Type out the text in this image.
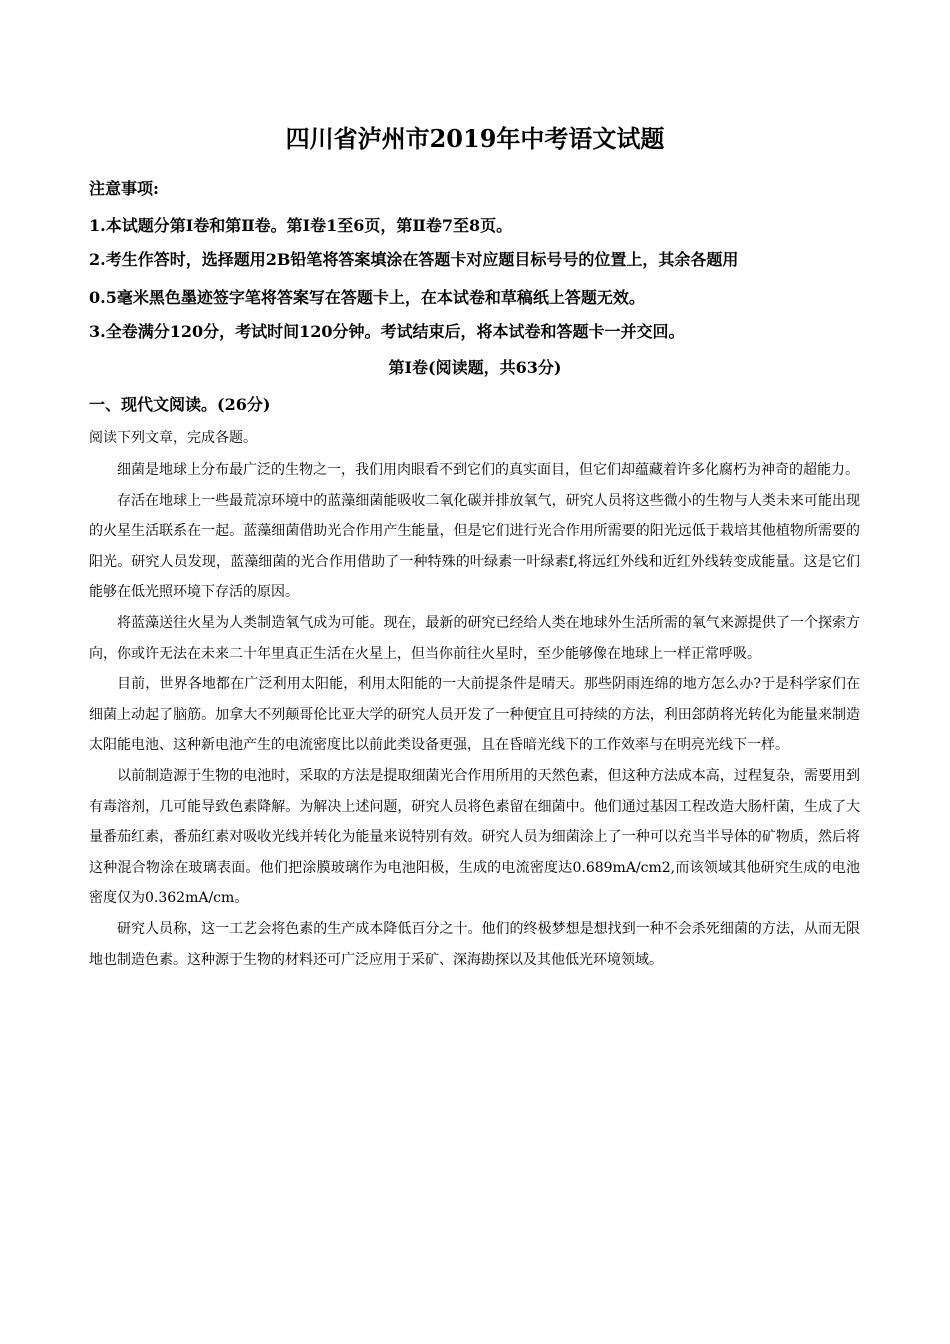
四川省泸州市2019年中考语文试题
注意事项:
1.本试题分第Ⅰ卷和第Ⅱ卷。第Ⅰ卷1至6页，第Ⅱ卷7至8页。
2.考生作答时，选择题用2B铅笔将答案填涂在答题卡对应题目标号号的位置上，其余各题用
0.5毫米黑色墨迹签字笔将答案写在答题卡上，在本试卷和草稿纸上答题无效。
3.全卷满分120分，考试时间120分钟。考试结束后，将本试卷和答题卡一并交回。
第Ⅰ卷(阅读题，共63分)
一、现代文阅读。(26分)
阅读下列文章，完成各题。

细菌是地球上分布最广泛的生物之一，我们用肉眼看不到它们的真实面目，但它们却蕴藏着许多化腐朽为神奇的超能力。

存活在地球上一些最荒凉环境中的蓝藻细菌能吸收二氧化碳并排放氧气，研究人员将这些微小的生物与人类未来可能出现的火星生活联系在一起。蓝藻细菌借助光合作用产生能量，但是它们进行光合作用所需要的阳光远低于栽培其他植物所需要的阳光。研究人员发现，蓝藻细菌的光合作用借助了一种特殊的叶绿素一叶绿素f,将远红外线和近红外线转变成能量。这是它们能够在低光照环境下存活的原因。

将蓝藻送往火星为人类制造氧气成为可能。现在，最新的研究已经给人类在地球外生活所需的氧气来源提供了一个探索方向，你或许无法在未来二十年里真正生活在火星上，但当你前往火星时，至少能够像在地球上一样正常呼吸。

目前，世界各地都在广泛利用太阳能，利用太阳能的一大前提条件是晴天。那些阴雨连绵的地方怎么办?于是科学家们在细菌上动起了脑筋。加拿大不列颠哥伦比亚大学的研究人员开发了一种便宜且可持续的方法，利田郐荫将光转化为能量来制造太阳能电池、这种新电池产生的电流密度比以前此类设备更强，且在昏暗光线下的工作效率与在明亮光线下一样。

以前制造源于生物的电池时，采取的方法是提取细菌光合作用所用的天然色素，但这种方法成本高，过程复杂，需要用到有毒溶剂，几可能导致色素降解。为解决上述问题，研究人员将色素留在细菌中。他们通过基因工程改造大肠杆菌，生成了大量番茄红素，番茄红素对吸收光线并转化为能量来说特别有效。研究人员为细菌涂上了一种可以充当半导体的矿物质，然后将这种混合物涂在玻璃表面。他们把涂膜玻璃作为电池阳极，生成的电流密度达0.689mA/cm2,而该领域其他研究生成的电池密度仅为0.362mA/cm。

研究人员称，这一工艺会将色素的生产成本降低百分之十。他们的终极梦想是想找到一种不会杀死细菌的方法，从而无限地也制造色素。这种源于生物的材料还可广泛应用于采矿、深海勘探以及其他低光环境领域。
